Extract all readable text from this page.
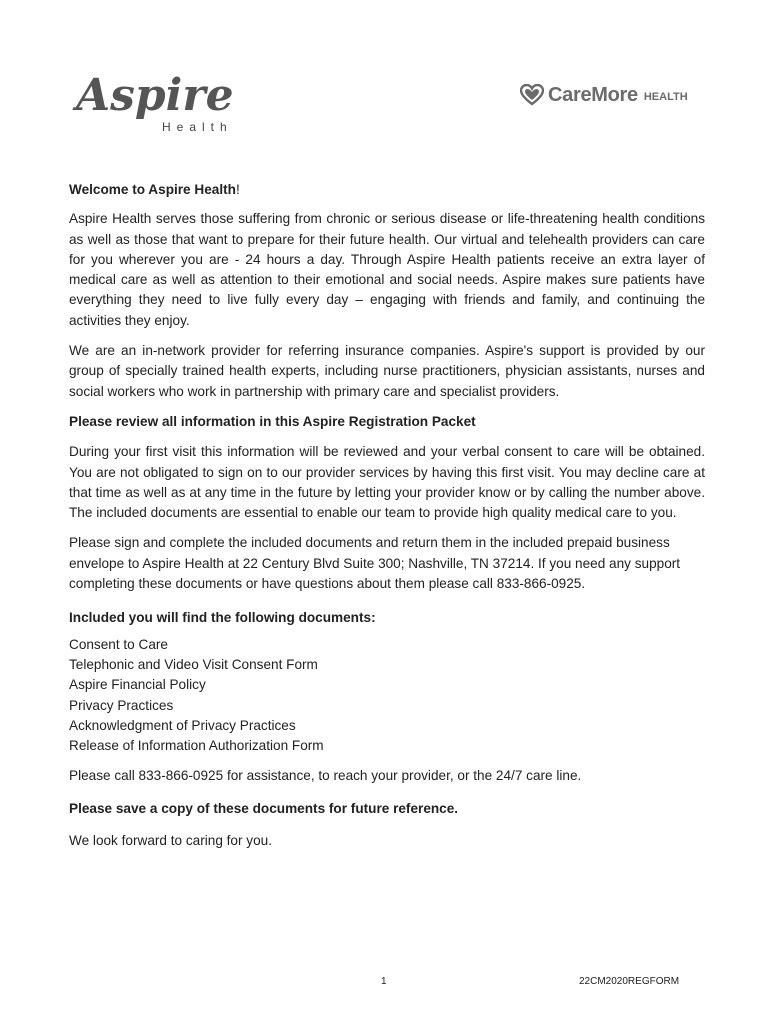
Aspire
Health
CareMore HEALTH

Welcome to Aspire Health!

Aspire Health serves those suffering from chronic or serious disease or life-threatening health conditions as well as those that want to prepare for their future health. Our virtual and telehealth providers can care for you wherever you are - 24 hours a day. Through Aspire Health patients receive an extra layer of medical care as well as attention to their emotional and social needs. Aspire makes sure patients have everything they need to live fully every day – engaging with friends and family, and continuing the activities they enjoy.

We are an in-network provider for referring insurance companies. Aspire's support is provided by our group of specially trained health experts, including nurse practitioners, physician assistants, nurses and social workers who work in partnership with primary care and specialist providers.

Please review all information in this Aspire Registration Packet

During your first visit this information will be reviewed and your verbal consent to care will be obtained. You are not obligated to sign on to our provider services by having this first visit. You may decline care at that time as well as at any time in the future by letting your provider know or by calling the number above. The included documents are essential to enable our team to provide high quality medical care to you.

Please sign and complete the included documents and return them in the included prepaid business envelope to Aspire Health at 22 Century Blvd Suite 300; Nashville, TN 37214. If you need any support completing these documents or have questions about them please call 833-866-0925.

Included you will find the following documents:

Consent to Care
Telephonic and Video Visit Consent Form
Aspire Financial Policy
Privacy Practices
Acknowledgment of Privacy Practices
Release of Information Authorization Form

Please call 833-866-0925 for assistance, to reach your provider, or the 24/7 care line.

Please save a copy of these documents for future reference.

We look forward to caring for you.

1	22CM2020REGFORM
